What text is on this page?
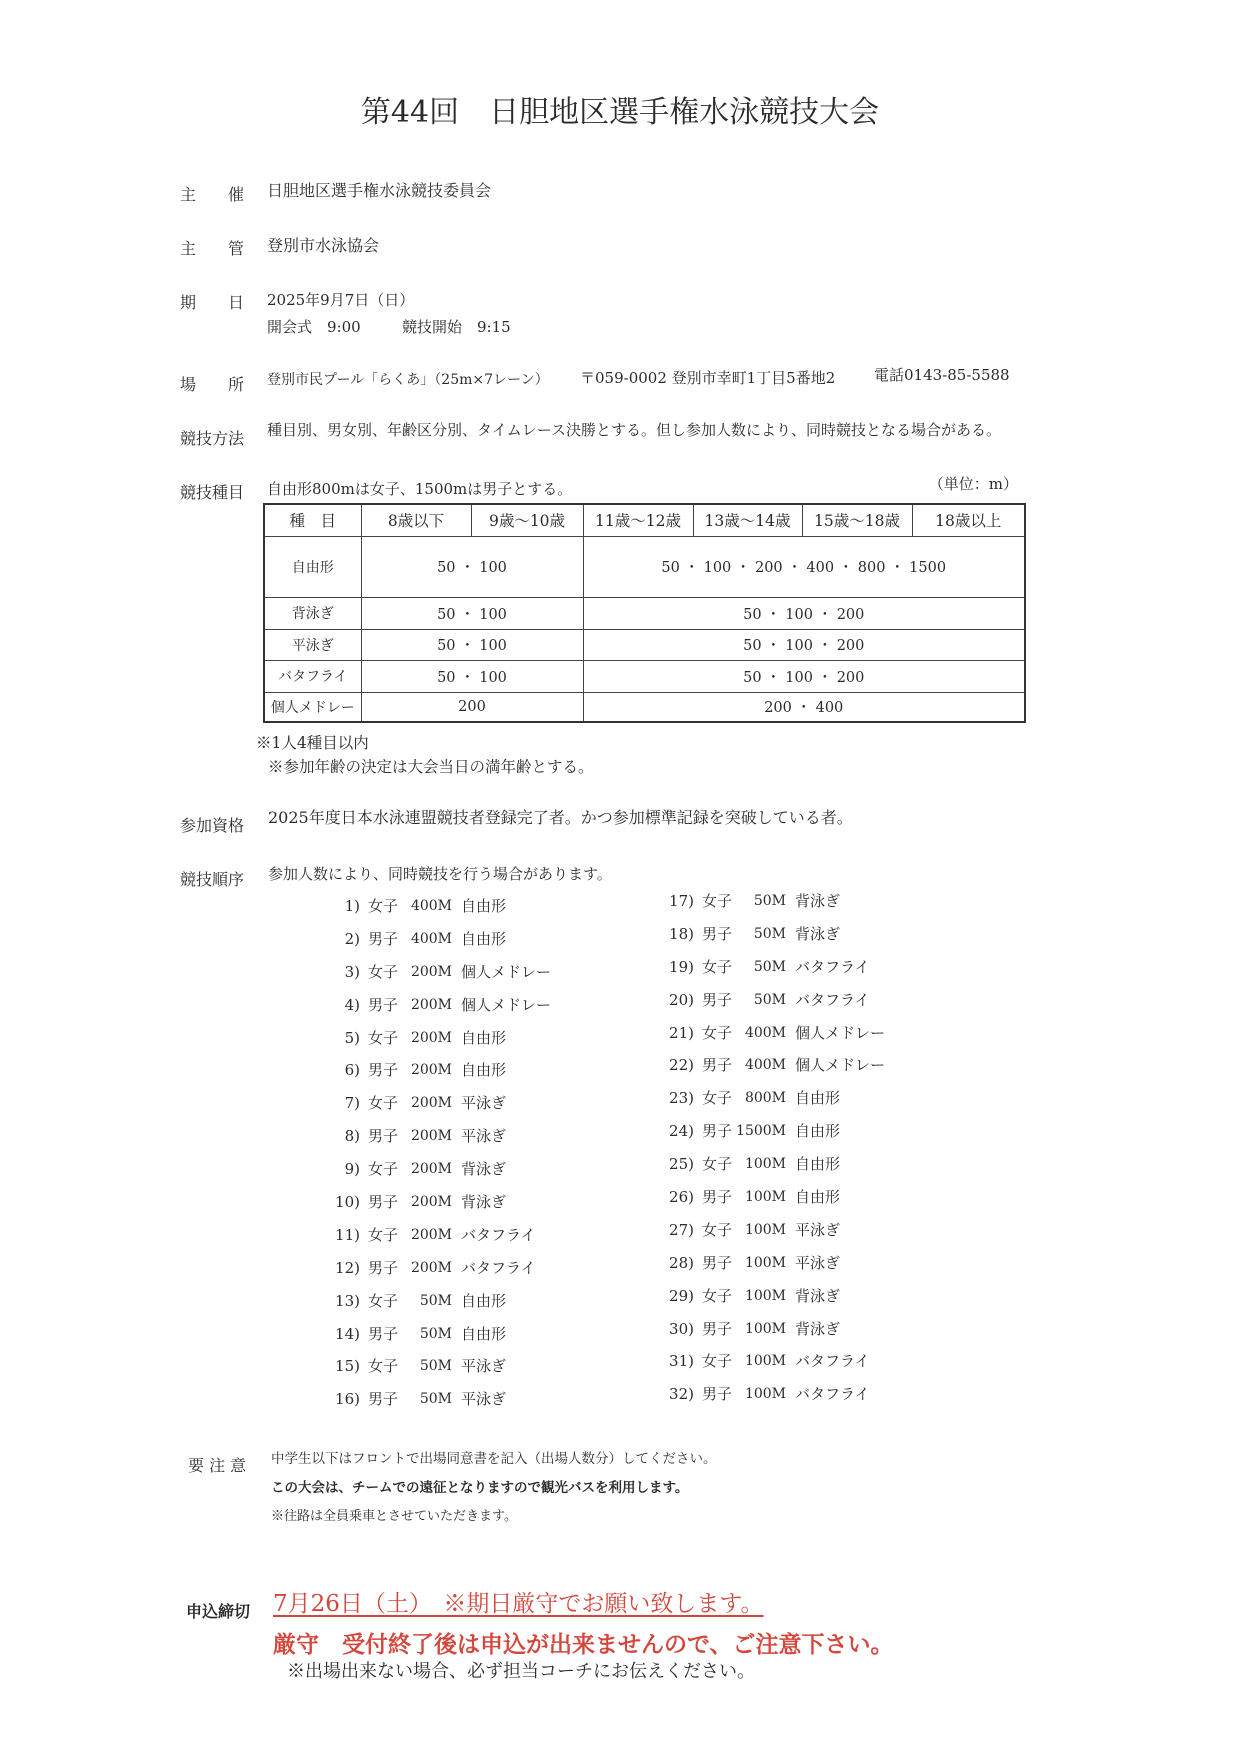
第44回　日胆地区選手権水泳競技大会
主　　催 日胆地区選手権水泳競技委員会
主　　管 登別市水泳協会
期　　日 2025年9月7日（日）
開会式　9:00	競技開始　9:15
場　　所 登別市民プール「らくあ」（25m×7レーン） 〒059-0002 登別市幸町1丁目5番地2	電話0143-85-5588
競技方法 種目別、男女別、年齢区分別、タイムレース決勝とする。但し参加人数により、同時競技となる場合がある。
競技種目 自由形800mは女子、1500mは男子とする。	（単位：m）
種　目	8歳以下	9歳～10歳	11歳～12歳	13歳～14歳	15歳～18歳	18歳以上
自由形	50 ・ 100		50 ・ 100 ・ 200 ・ 400 ・ 800 ・ 1500			
背泳ぎ	50 ・ 100		50 ・ 100 ・ 200			
平泳ぎ	50 ・ 100		50 ・ 100 ・ 200			
バタフライ	50 ・ 100		50 ・ 100 ・ 200			
個人メドレー	200		200 ・ 400			
※1人4種目以内
※参加年齢の決定は大会当日の満年齢とする。
参加資格 2025年度日本水泳連盟競技者登録完了者。かつ参加標準記録を突破している者。
競技順序 参加人数により、同時競技を行う場合があります。
1) 女子 400M 自由形
2) 男子 400M 自由形
3) 女子 200M 個人メドレー
4) 男子 200M 個人メドレー
5) 女子 200M 自由形
6) 男子 200M 自由形
7) 女子 200M 平泳ぎ
8) 男子 200M 平泳ぎ
9) 女子 200M 背泳ぎ
10) 男子 200M 背泳ぎ
11) 女子 200M バタフライ
12) 男子 200M バタフライ
13) 女子	50M 自由形
14) 男子	50M 自由形
15) 女子	50M 平泳ぎ
16) 男子	50M 平泳ぎ
17) 女子	50M 背泳ぎ
18) 男子	50M 背泳ぎ
19) 女子	50M バタフライ
20) 男子	50M バタフライ
21) 女子 400M 個人メドレー
22) 男子 400M 個人メドレー
23) 女子 800M 自由形
24) 男子 1500M 自由形
25) 女子 100M 自由形
26) 男子 100M 自由形
27) 女子 100M 平泳ぎ
28) 男子 100M 平泳ぎ
29) 女子 100M 背泳ぎ
30) 男子 100M 背泳ぎ
31) 女子 100M バタフライ
32) 男子 100M バタフライ
要 注 意 中学生以下はフロントで出場同意書を記入（出場人数分）してください。
この大会は、チームでの遠征となりますので観光バスを利用します。
※往路は全員乗車とさせていただきます。
申込締切 7月26日（土）　※期日厳守でお願い致します。
厳守　受付終了後は申込が出来ませんので、ご注意下さい。
※出場出来ない場合、必ず担当コーチにお伝えください。
